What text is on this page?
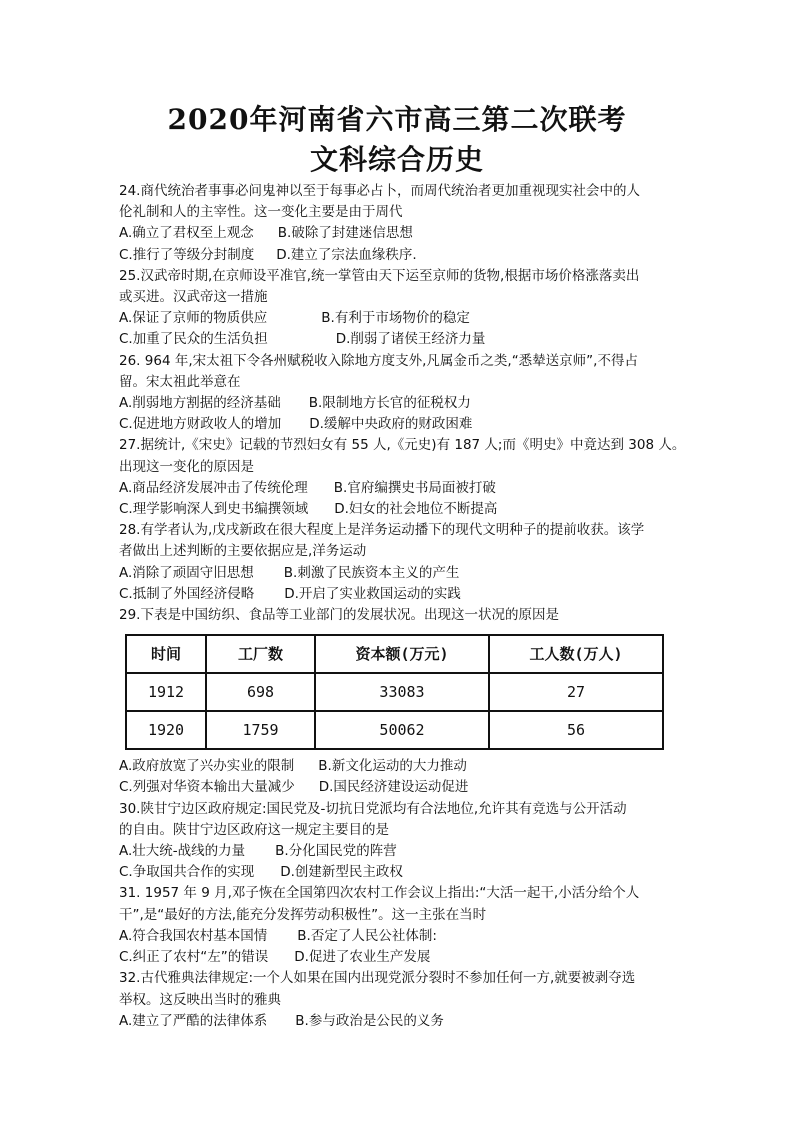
2020年河南省六市高三第二次联考
文科综合历史
24.商代统治者事事必问鬼神以至于每事必占卜，而周代统治者更加重视现实社会中的人
伦礼制和人的主宰性。这一变化主要是由于周代
A.确立了君权至上观念 B.破除了封建迷信思想
C.推行了等级分封制度 D.建立了宗法血缘秩序.
25.汉武帝时期,在京师设平准官,统一掌管由天下运至京师的货物,根据市场价格涨落卖出
或买进。汉武帝这一措施
A.保证了京师的物质供应	B.有利于市场物价的稳定
C.加重了民众的生活负担	D.削弱了诸侯王经济力量
26. 964 年,宋太祖下令各州赋税收入除地方度支外,凡属金币之类,“悉辇送京师”,不得占
留。宋太祖此举意在
A.削弱地方割据的经济基础 B.限制地方长官的征税权力
C.促进地方财政收人的增加 D.缓解中央政府的财政困难
27.据统计,《宋史》记载的节烈妇女有 55 人,《元史)有 187 人;而《明史》中竟达到 308 人。
出现这一变化的原因是
A.商品经济发展冲击了传统伦理 B.官府编撰史书局面被打破
C.理学影响深人到史书编撰领域 D.妇女的社会地位不断提高
28.有学者认为,戊戌新政在很大程度上是洋务运动播下的现代文明种子的提前收获。该学
者做出上述判断的主要依据应是,洋务运动
A.消除了顽固守旧思想 B.刺激了民族资本主义的产生
C.抵制了外国经济侵略 D.开启了实业救国运动的实践
29.下表是中国纺织、食品等工业部门的发展状况。出现这一状况的原因是
时间	工厂数	资本额(万元)	工人数(万人)
1912	698	33083	27
1920	1759	50062	56
A.政府放宽了兴办实业的限制 B.新文化运动的大力推动
C.列强对华资本输出大量减少 D.国民经济建设运动促进
30.陕甘宁边区政府规定:国民党及-切抗日党派均有合法地位,允许其有竞选与公开活动
的自由。陕甘宁边区政府这一规定主要目的是
A.壮大统-战线的力量 B.分化国民党的阵营
C.争取国共合作的实现 D.创建新型民主政权
31. 1957 年 9 月,邓子恢在全国第四次农村工作会议上指出:“大活一起干,小活分给个人
干”,是“最好的方法,能充分发挥劳动积极性”。这一主张在当时
A.符合我国农村基本国情 B.否定了人民公社体制:
C.纠正了农村“左”的错误 D.促进了农业生产发展
32.古代雅典法律规定:一个人如果在国内出现党派分裂时不参加任何一方,就要被剥夺选
举权。这反映出当时的雅典
A.建立了严酷的法律体系 B.参与政治是公民的义务
